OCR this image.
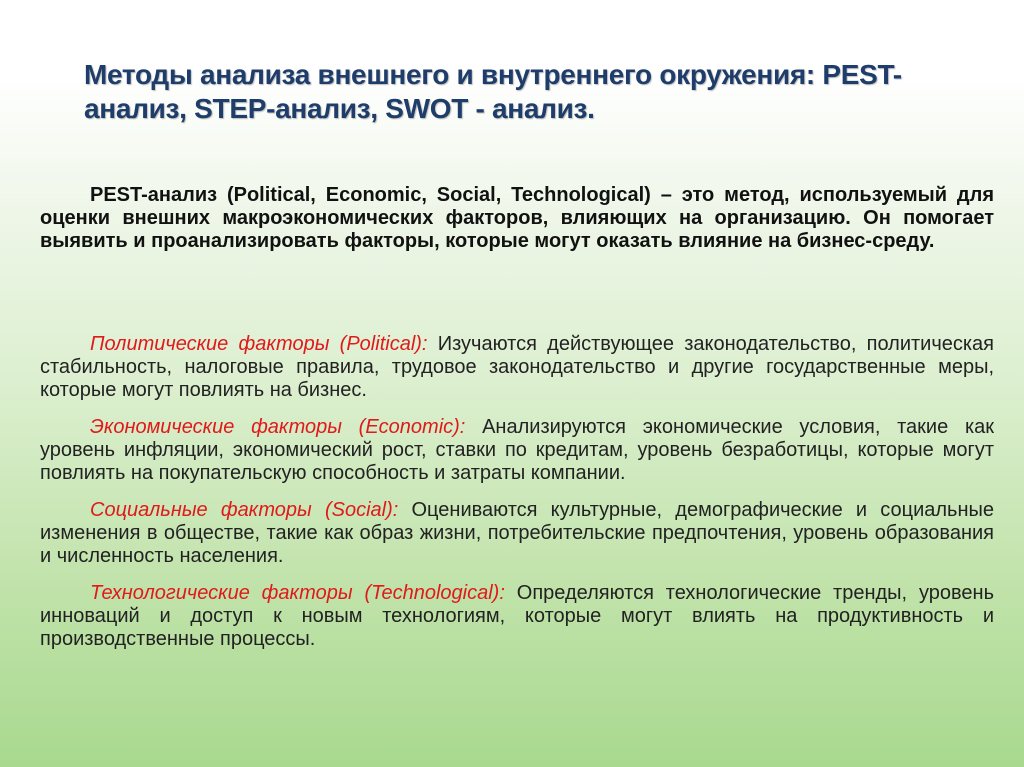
Методы анализа внешнего и внутреннего окружения: PEST-анализ, STEP-анализ, SWOT - анализ.
PEST-анализ (Political, Economic, Social, Technological) – это метод, используемый для оценки внешних макроэкономических факторов, влияющих на организацию. Он помогает выявить и проанализировать факторы, которые могут оказать влияние на бизнес-среду.

Политические факторы (Political): Изучаются действующее законодательство, политическая стабильность, налоговые правила, трудовое законодательство и другие государственные меры, которые могут повлиять на бизнес.

Экономические факторы (Economic): Анализируются экономические условия, такие как уровень инфляции, экономический рост, ставки по кредитам, уровень безработицы, которые могут повлиять на покупательскую способность и затраты компании.

Социальные факторы (Social): Оцениваются культурные, демографические и социальные изменения в обществе, такие как образ жизни, потребительские предпочтения, уровень образования и численность населения.

Технологические факторы (Technological): Определяются технологические тренды, уровень инноваций и доступ к новым технологиям, которые могут влиять на продуктивность и производственные процессы.
